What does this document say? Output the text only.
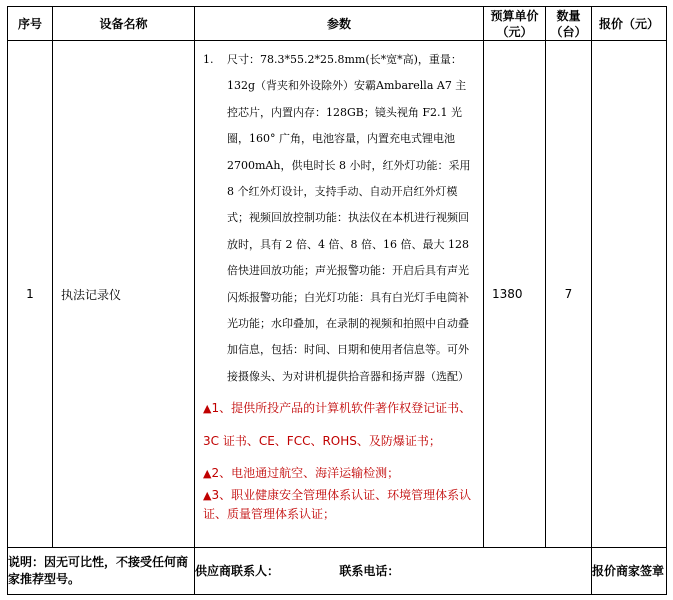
序号	设备名称	参数	预算单价（元）	数量（台）	报价（元）
1	执法记录仪	1. 尺寸：78.3*55.2*25.8mm(长*宽*高)，重量：132g（背夹和外设除外）安霸Ambarella A7 主控芯片，内置内存：128GB；镜头视角 F2.1 光圈，160° 广角，电池容量，内置充电式锂电池 2700mAh，供电时长 8 小时，红外灯功能：采用 8 个红外灯设计，支持手动、自动开启红外灯模式；视频回放控制功能：执法仪在本机进行视频回放时，具有 2 倍、4 倍、8 倍、16 倍、最大 128 倍快进回放功能；声光报警功能：开启后具有声光闪烁报警功能；白光灯功能：具有白光灯手电筒补光功能；水印叠加，在录制的视频和拍照中自动叠加信息，包括：时间、日期和使用者信息等。可外接摄像头、为对讲机提供拾音器和扬声器（选配）
▲1、提供所投产品的计算机软件著作权登记证书、3C 证书、CE、FCC、ROHS、及防爆证书；
▲2、电池通过航空、海洋运输检测；
▲3、职业健康安全管理体系认证、环境管理体系认证、质量管理体系认证；	1380	7	
说明：因无可比性，不接受任何商家推荐型号。		供应商联系人： 联系电话：			报价商家签章
